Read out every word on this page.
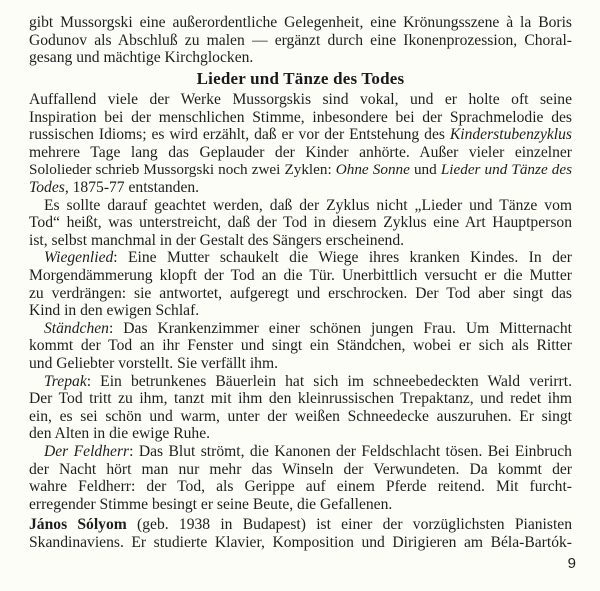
gibt Mussorgski eine außerordentliche Gelegenheit, eine Krönungsszene à la Boris
Godunov als Abschluß zu malen — ergänzt durch eine Ikonenprozession, Choral-
gesang und mächtige Kirchglocken.
Lieder und Tänze des Todes
Auffallend viele der Werke Mussorgskis sind vokal, und er holte oft seine
Inspiration bei der menschlichen Stimme, inbesondere bei der Sprachmelodie des
russischen Idioms; es wird erzählt, daß er vor der Entstehung des Kinderstubenzyklus
mehrere Tage lang das Geplauder der Kinder anhörte. Außer vieler einzelner
Sololieder schrieb Mussorgski noch zwei Zyklen: Ohne Sonne und Lieder und Tänze des
Todes, 1875-77 entstanden.
Es sollte darauf geachtet werden, daß der Zyklus nicht „Lieder und Tänze vom
Tod“ heißt, was unterstreicht, daß der Tod in diesem Zyklus eine Art Hauptperson
ist, selbst manchmal in der Gestalt des Sängers erscheinend.
Wiegenlied: Eine Mutter schaukelt die Wiege ihres kranken Kindes. In der
Morgendämmerung klopft der Tod an die Tür. Unerbittlich versucht er die Mutter
zu verdrängen: sie antwortet, aufgeregt und erschrocken. Der Tod aber singt das
Kind in den ewigen Schlaf.
Ständchen: Das Krankenzimmer einer schönen jungen Frau. Um Mitternacht
kommt der Tod an ihr Fenster und singt ein Ständchen, wobei er sich als Ritter
und Geliebter vorstellt. Sie verfällt ihm.
Trepak: Ein betrunkenes Bäuerlein hat sich im schneebedeckten Wald verirrt.
Der Tod tritt zu ihm, tanzt mit ihm den kleinrussischen Trepaktanz, und redet ihm
ein, es sei schön und warm, unter der weißen Schneedecke auszuruhen. Er singt
den Alten in die ewige Ruhe.
Der Feldherr: Das Blut strömt, die Kanonen der Feldschlacht tösen. Bei Einbruch
der Nacht hört man nur mehr das Winseln der Verwundeten. Da kommt der
wahre Feldherr: der Tod, als Gerippe auf einem Pferde reitend. Mit furcht-
erregender Stimme besingt er seine Beute, die Gefallenen.
János Sólyom (geb. 1938 in Budapest) ist einer der vorzüglichsten Pianisten
Skandinaviens. Er studierte Klavier, Komposition und Dirigieren am Béla-Bartók-
9
